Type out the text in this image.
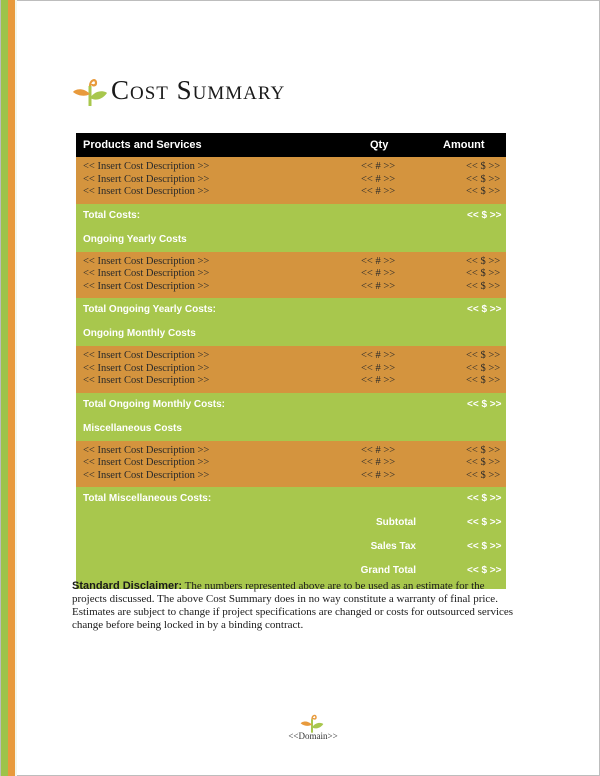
Cost Summary
Products and Services	Qty	Amount
<< Insert Cost Description >>	<< # >>	<< $ >>
<< Insert Cost Description >>	<< # >>	<< $ >>
<< Insert Cost Description >>	<< # >>	<< $ >>
Total Costs:	<< $ >>
Ongoing Yearly Costs
<< Insert Cost Description >>	<< # >>	<< $ >>
<< Insert Cost Description >>	<< # >>	<< $ >>
<< Insert Cost Description >>	<< # >>	<< $ >>
Total Ongoing Yearly Costs:	<< $ >>
Ongoing Monthly Costs
<< Insert Cost Description >>	<< # >>	<< $ >>
<< Insert Cost Description >>	<< # >>	<< $ >>
<< Insert Cost Description >>	<< # >>	<< $ >>
Total Ongoing Monthly Costs:	<< $ >>
Miscellaneous Costs
<< Insert Cost Description >>	<< # >>	<< $ >>
<< Insert Cost Description >>	<< # >>	<< $ >>
<< Insert Cost Description >>	<< # >>	<< $ >>
Total Miscellaneous Costs:	<< $ >>
Subtotal	<< $ >>
Sales Tax	<< $ >>
Grand Total	<< $ >>
Standard Disclaimer: The numbers represented above are to be used as an estimate for the projects discussed. The above Cost Summary does in no way constitute a warranty of final price. Estimates are subject to change if project specifications are changed or costs for outsourced services change before being locked in by a binding contract.
<<Domain>>
